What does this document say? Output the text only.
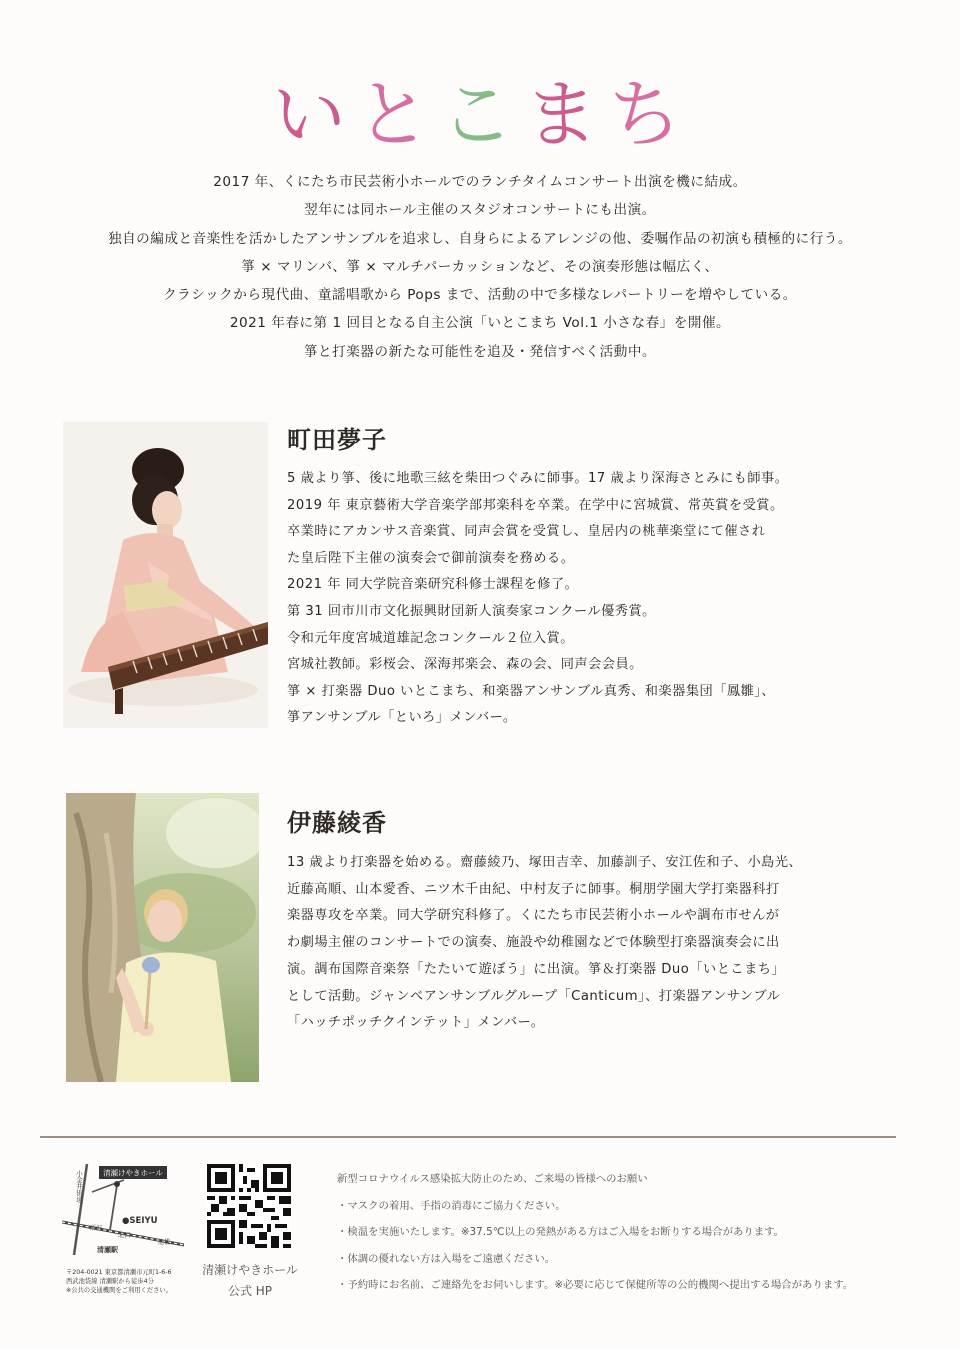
いとこまち
2017 年、くにたち市民芸術小ホールでのランチタイムコンサート出演を機に結成。
翌年には同ホール主催のスタジオコンサートにも出演。
独自の編成と音楽性を活かしたアンサンブルを追求し、自身らによるアレンジの他、委嘱作品の初演も積極的に行う。
箏 × マリンバ、箏 × マルチパーカッションなど、その演奏形態は幅広く、
クラシックから現代曲、童謡唱歌から Pops まで、活動の中で多様なレパートリーを増やしている。
2021 年春に第 1 回目となる自主公演「いとこまち Vol.1 小さな春」を開催。
箏と打楽器の新たな可能性を追及・発信すべく活動中。
町田夢子
5 歳より箏、後に地歌三絃を柴田つぐみに師事。17 歳より深海さとみにも師事。
2019 年 東京藝術大学音楽学部邦楽科を卒業。在学中に宮城賞、常英賞を受賞。
卒業時にアカンサス音楽賞、同声会賞を受賞し、皇居内の桃華楽堂にて催され
た皇后陛下主催の演奏会で御前演奏を務める。
2021 年 同大学院音楽研究科修士課程を修了。
第 31 回市川市文化振興財団新人演奏家コンクール優秀賞。
令和元年度宮城道雄記念コンクール２位入賞。
宮城社教師。彩桜会、深海邦楽会、森の会、同声会会員。
箏 × 打楽器 Duo いとこまち、和楽器アンサンブル真秀、和楽器集団「鳳雛」、
箏アンサンブル「といろ」メンバー。
伊藤綾香
13 歳より打楽器を始める。齋藤綾乃、塚田吉幸、加藤訓子、安江佐和子、小島光、
近藤高順、山本愛香、ニツ木千由紀、中村友子に師事。桐朋学園大学打楽器科打
楽器専攻を卒業。同大学研究科修了。くにたち市民芸術小ホールや調布市せんが
わ劇場主催のコンサートでの演奏、施設や幼稚園などで体験型打楽器演奏会に出
演。調布国際音楽祭「たたいて遊ぼう」に出演。箏＆打楽器 Duo「いとこまち」
として活動。ジャンベアンサンブルグループ「Canticum」、打楽器アンサンブル
「ハッチポッチクインテット」メンバー。
清瀬けやきホール
小金井街道
●SEIYU
北口
清瀬駅
所沢
池袋
〒204-0021 東京都清瀬市元町1-6-6
西武池袋線 清瀬駅から徒歩4分
※公共の交通機関をご利用ください。
清瀬けやきホール
公式 HP
新型コロナウイルス感染拡大防止のため、ご来場の皆様へのお願い
・マスクの着用、手指の消毒にご協力ください。
・検温を実施いたします。※37.5℃以上の発熱がある方はご入場をお断りする場合があります。
・体調の優れない方は入場をご遠慮ください。
・予約時にお名前、ご連絡先をお伺いします。※必要に応じて保健所等の公的機関へ提出する場合があります。
